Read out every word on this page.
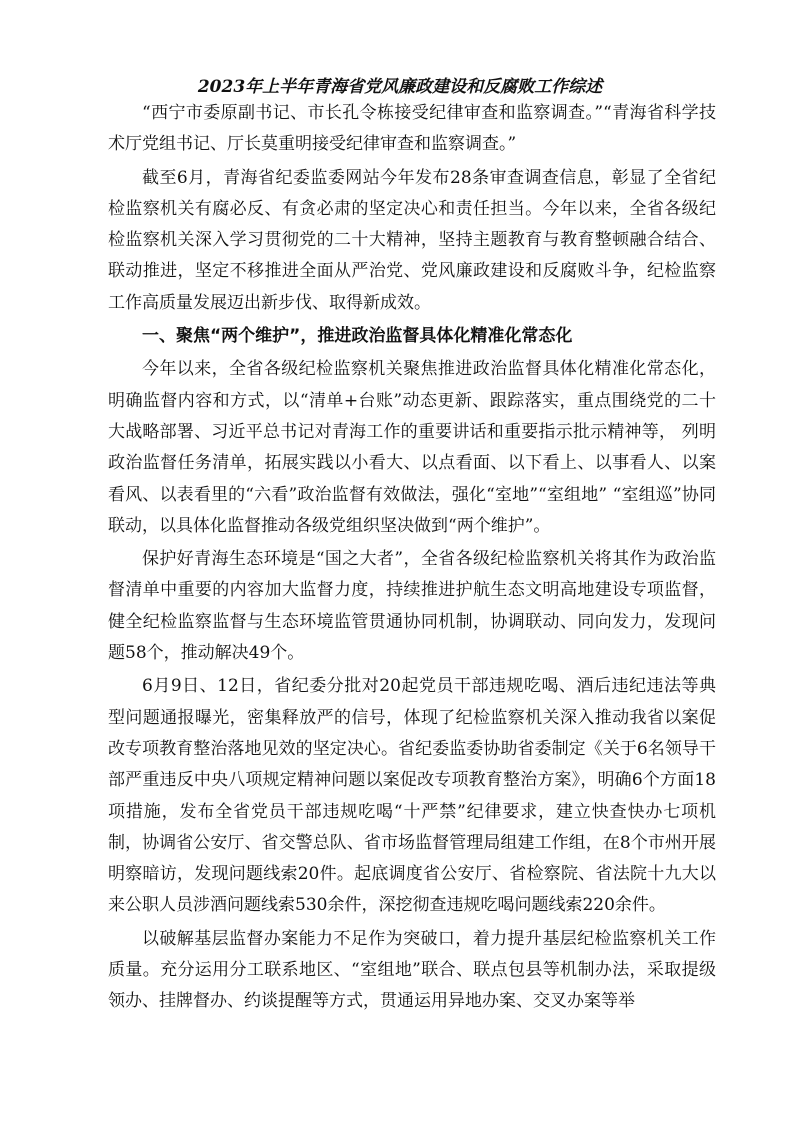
2023年上半年青海省党风廉政建设和反腐败工作综述

“西宁市委原副书记、市长孔令栋接受纪律审查和监察调查。”“青海省科学技术厅党组书记、厅长莫重明接受纪律审查和监察调查。”

截至6月，青海省纪委监委网站今年发布28条审查调查信息，彰显了全省纪检监察机关有腐必反、有贪必肃的坚定决心和责任担当。今年以来，全省各级纪检监察机关深入学习贯彻党的二十大精神，坚持主题教育与教育整顿融合结合、联动推进，坚定不移推进全面从严治党、党风廉政建设和反腐败斗争，纪检监察工作高质量发展迈出新步伐、取得新成效。

一、聚焦“两个维护”，推进政治监督具体化精准化常态化

今年以来，全省各级纪检监察机关聚焦推进政治监督具体化精准化常态化，明确监督内容和方式，以“清单+台账”动态更新、跟踪落实，重点围绕党的二十大战略部署、习近平总书记对青海工作的重要讲话和重要指示批示精神等， 列明政治监督任务清单，拓展实践以小看大、以点看面、以下看上、以事看人、以案看风、以表看里的“六看”政治监督有效做法，强化“室地”“室组地” “室组巡”协同联动，以具体化监督推动各级党组织坚决做到“两个维护”。

保护好青海生态环境是“国之大者”，全省各级纪检监察机关将其作为政治监督清单中重要的内容加大监督力度，持续推进护航生态文明高地建设专项监督，健全纪检监察监督与生态环境监管贯通协同机制，协调联动、同向发力，发现问题58个，推动解决49个。

6月9日、12日，省纪委分批对20起党员干部违规吃喝、酒后违纪违法等典型问题通报曝光，密集释放严的信号，体现了纪检监察机关深入推动我省以案促改专项教育整治落地见效的坚定决心。省纪委监委协助省委制定《关于6名领导干部严重违反中央八项规定精神问题以案促改专项教育整治方案》，明确6个方面18项措施，发布全省党员干部违规吃喝“十严禁”纪律要求，建立快查快办七项机制，协调省公安厅、省交警总队、省市场监督管理局组建工作组，在8个市州开展明察暗访，发现问题线索20件。起底调度省公安厅、省检察院、省法院十九大以来公职人员涉酒问题线索530余件，深挖彻查违规吃喝问题线索220余件。

以破解基层监督办案能力不足作为突破口，着力提升基层纪检监察机关工作质量。充分运用分工联系地区、“室组地”联合、联点包县等机制办法，采取提级领办、挂牌督办、约谈提醒等方式，贯通运用异地办案、交叉办案等举
